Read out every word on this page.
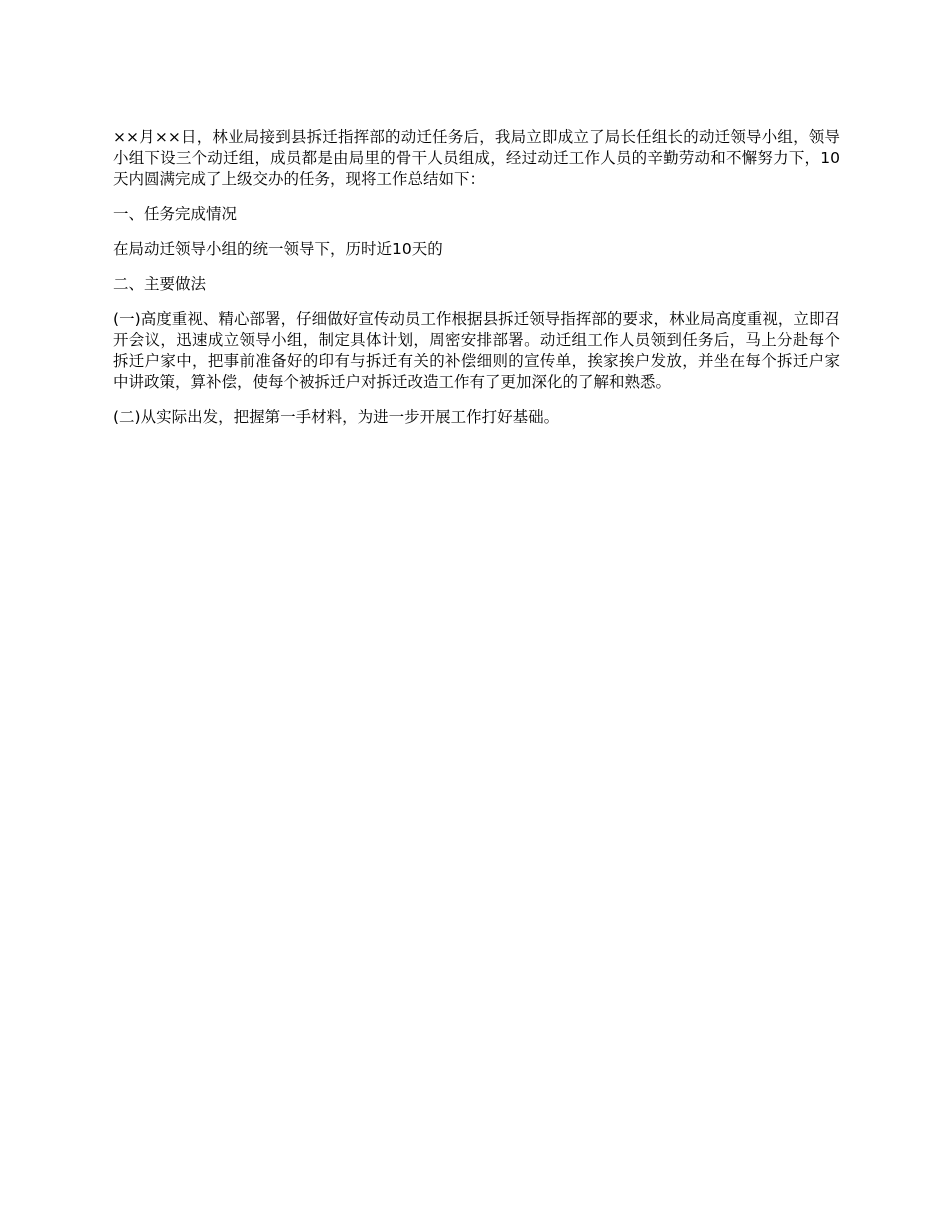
××月××日，林业局接到县拆迁指挥部的动迁任务后，我局立即成立了局长任组长的动迁领导小组，领导小组下设三个动迁组，成员都是由局里的骨干人员组成，经过动迁工作人员的辛勤劳动和不懈努力下，10天内圆满完成了上级交办的任务，现将工作总结如下：

一、任务完成情况

在局动迁领导小组的统一领导下，历时近10天的

二、主要做法

(一)高度重视、精心部署，仔细做好宣传动员工作根据县拆迁领导指挥部的要求，林业局高度重视，立即召开会议，迅速成立领导小组，制定具体计划，周密安排部署。动迁组工作人员领到任务后，马上分赴每个拆迁户家中，把事前准备好的印有与拆迁有关的补偿细则的宣传单，挨家挨户发放，并坐在每个拆迁户家中讲政策，算补偿，使每个被拆迁户对拆迁改造工作有了更加深化的了解和熟悉。

(二)从实际出发，把握第一手材料，为进一步开展工作打好基础。
